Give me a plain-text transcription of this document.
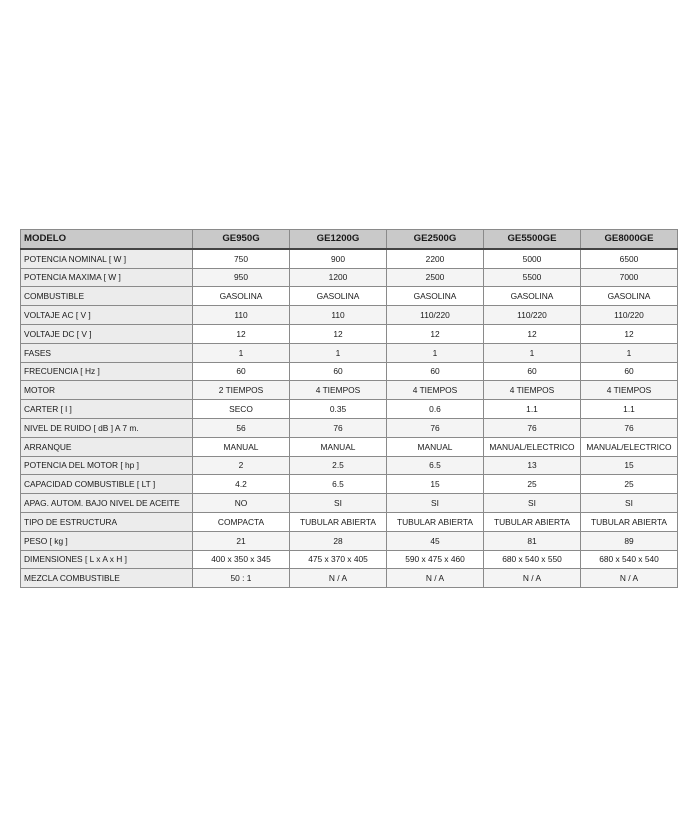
MODELO	GE950G	GE1200G	GE2500G	GE5500GE	GE8000GE
POTENCIA NOMINAL [ W ]	750	900	2200	5000	6500
POTENCIA MAXIMA [ W ]	950	1200	2500	5500	7000
COMBUSTIBLE	GASOLINA	GASOLINA	GASOLINA	GASOLINA	GASOLINA
VOLTAJE AC [ V ]	110	110	110/220	110/220	110/220
VOLTAJE DC [ V ]	12	12	12	12	12
FASES	1	1	1	1	1
FRECUENCIA [ Hz ]	60	60	60	60	60
MOTOR	2 TIEMPOS	4 TIEMPOS	4 TIEMPOS	4 TIEMPOS	4 TIEMPOS
CARTER [ l ]	SECO	0.35	0.6	1.1	1.1
NIVEL DE RUIDO [ dB ] A 7 m.	56	76	76	76	76
ARRANQUE	MANUAL	MANUAL	MANUAL	MANUAL/ELECTRICO	MANUAL/ELECTRICO
POTENCIA DEL MOTOR [ hp ]	2	2.5	6.5	13	15
CAPACIDAD COMBUSTIBLE [ LT ]	4.2	6.5	15	25	25
APAG. AUTOM. BAJO NIVEL DE ACEITE	NO	SI	SI	SI	SI
TIPO DE ESTRUCTURA	COMPACTA	TUBULAR ABIERTA	TUBULAR ABIERTA	TUBULAR ABIERTA	TUBULAR ABIERTA
PESO [ kg ]	21	28	45	81	89
DIMENSIONES [ L x A x H ]	400 x 350 x 345	475 x 370 x 405	590 x 475 x 460	680 x 540 x 550	680 x 540 x 540
MEZCLA COMBUSTIBLE	50 : 1	N / A	N / A	N / A	N / A
